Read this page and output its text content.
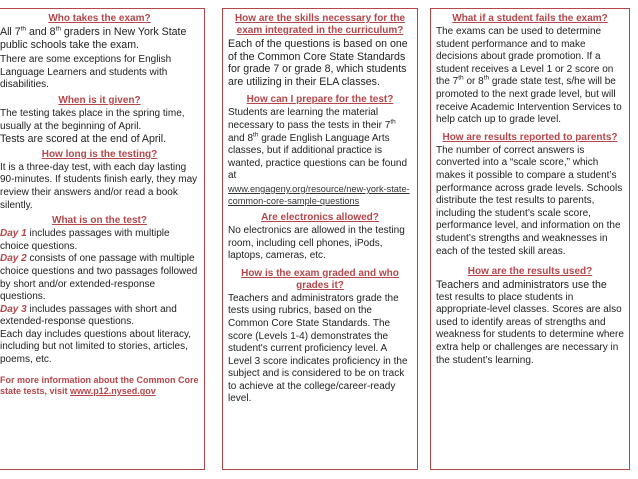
Who takes the exam?
All 7th and 8th graders in New York State public schools take the exam.
There are some exceptions for English Language Learners and students with disabilities.
When is it given?
The testing takes place in the spring time, usually at the beginning of April.
Tests are scored at the end of April.
How long is the testing?
It is a three-day test, with each day lasting 90-minutes. If students finish early, they may review their answers and/or read a book silently.
What is on the test?
Day 1 includes passages with multiple choice questions.
Day 2 consists of one passage with multiple choice questions and two passages followed by short and/or extended-response questions.
Day 3 includes passages with short and extended-response questions.
Each day includes questions about literacy, including but not limited to stories, articles, poems, etc.
For more information about the Common Core state tests, visit www.p12.nysed.gov
How are the skills necessary for the exam integrated in the curriculum?
Each of the questions is based on one of the Common Core State Standards for grade 7 or grade 8, which students are utilizing in their ELA classes.
How can I prepare for the test?
Students are learning the material necessary to pass the tests in their 7th and 8th grade English Language Arts classes, but if additional practice is wanted, practice questions can be found at
www.engageny.org/resource/new-york-state-common-core-sample-questions
Are electronics allowed?
No electronics are allowed in the testing room, including cell phones, iPods, laptops, cameras, etc.
How is the exam graded and who grades it?
Teachers and administrators grade the tests using rubrics, based on the Common Core State Standards. The score (Levels 1-4) demonstrates the student's current proficiency level. A Level 3 score indicates proficiency in the subject and is considered to be on track to achieve at the college/career-ready level.
What if a student fails the exam?
The exams can be used to determine student performance and to make decisions about grade promotion. If a student receives a Level 1 or 2 score on the 7th or 8th grade state test, s/he will be promoted to the next grade level, but will receive Academic Intervention Services to help catch up to grade level.
How are results reported to parents?
The number of correct answers is converted into a “scale score,” which makes it possible to compare a student’s performance across grade levels. Schools distribute the test results to parents, including the student’s scale score, performance level, and information on the student’s strengths and weaknesses in each of the tested skill areas.
How are the results used?
Teachers and administrators use the
test results to place students in appropriate-level classes. Scores are also used to identify areas of strengths and weakness for students to determine where extra help or challenges are necessary in the student’s learning.
